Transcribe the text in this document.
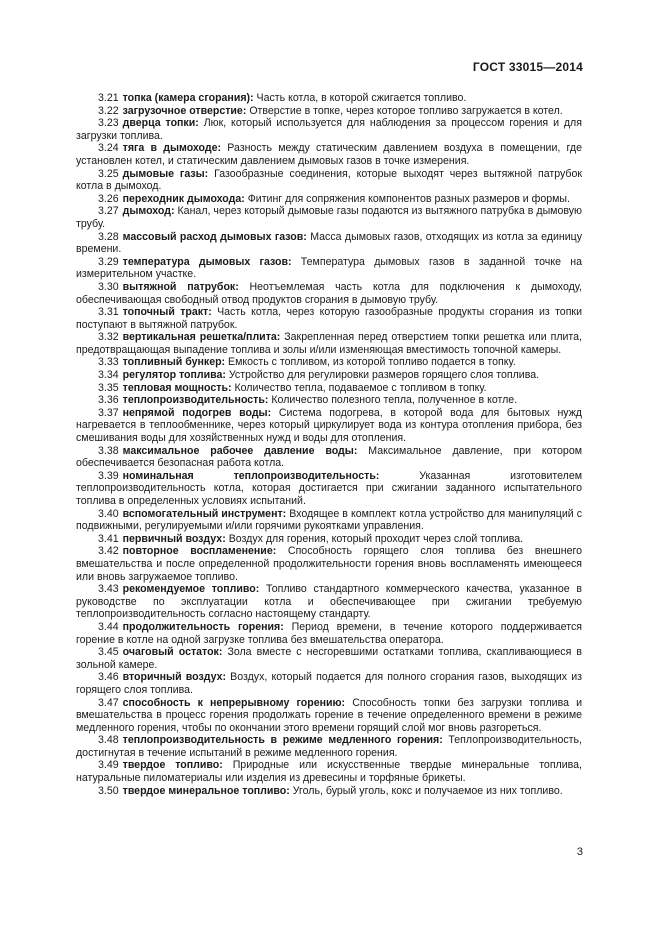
ГОСТ 33015—2014

3.21 топка (камера сгорания): Часть котла, в которой сжигается топливо.

3.22 загрузочное отверстие: Отверстие в топке, через которое топливо загружается в котел.

3.23 дверца топки: Люк, который используется для наблюдения за процессом горения и для загрузки топлива.

3.24 тяга в дымоходе: Разность между статическим давлением воздуха в помещении, где установлен котел, и статическим давлением дымовых газов в точке измерения.

3.25 дымовые газы: Газообразные соединения, которые выходят через вытяжной патрубок котла в дымоход.

3.26 переходник дымохода: Фитинг для сопряжения компонентов разных размеров и формы.

3.27 дымоход: Канал, через который дымовые газы подаются из вытяжного патрубка в дымовую трубу.

3.28 массовый расход дымовых газов: Масса дымовых газов, отходящих из котла за единицу времени.

3.29 температура дымовых газов: Температура дымовых газов в заданной точке на измерительном участке.

3.30 вытяжной патрубок: Неотъемлемая часть котла для подключения к дымоходу, обеспечивающая свободный отвод продуктов сгорания в дымовую трубу.

3.31 топочный тракт: Часть котла, через которую газообразные продукты сгорания из топки поступают в вытяжной патрубок.

3.32 вертикальная решетка/плита: Закрепленная перед отверстием топки решетка или плита, предотвращающая выпадение топлива и золы и/или изменяющая вместимость топочной камеры.

3.33 топливный бункер: Емкость с топливом, из которой топливо подается в топку.

3.34 регулятор топлива: Устройство для регулировки размеров горящего слоя топлива.

3.35 тепловая мощность: Количество тепла, подаваемое с топливом в топку.

3.36 теплопроизводительность: Количество полезного тепла, полученное в котле.

3.37 непрямой подогрев воды: Система подогрева, в которой вода для бытовых нужд нагревается в теплообменнике, через который циркулирует вода из контура отопления прибора, без смешивания воды для хозяйственных нужд и воды для отопления.

3.38 максимальное рабочее давление воды: Максимальное давление, при котором обеспечивается безопасная работа котла.

3.39 номинальная теплопроизводительность:	Указанная изготовителем теплопроизводительность котла, которая достигается при сжигании заданного испытательного топлива в определенных условиях испытаний.

3.40 вспомогательный инструмент: Входящее в комплект котла устройство для манипуляций с подвижными, регулируемыми и/или горячими рукоятками управления.

3.41 первичный воздух: Воздух для горения, который проходит через слой топлива.

3.42 повторное воспламенение: Способность горящего слоя топлива без внешнего вмешательства и после определенной продолжительности горения вновь воспламенять имеющееся или вновь загружаемое топливо.

3.43 рекомендуемое топливо: Топливо стандартного коммерческого качества, указанное в руководстве по эксплуатации котла и обеспечивающее при сжигании требуемую теплопроизводительность согласно настоящему стандарту.

3.44 продолжительность горения: Период времени, в течение которого поддерживается горение в котле на одной загрузке топлива без вмешательства оператора.

3.45 очаговый остаток: Зола вместе с несгоревшими остатками топлива, скапливающиеся в зольной камере.

3.46 вторичный воздух: Воздух, который подается для полного сгорания газов, выходящих из горящего слоя топлива.

3.47 способность к непрерывному горению: Способность топки без загрузки топлива и вмешательства в процесс горения продолжать горение в течение определенного времени в режиме медленного горения, чтобы по окончании этого времени горящий слой мог вновь разгореться.

3.48 теплопроизводительность в режиме медленного горения: Теплопроизводительность, достигнутая в течение испытаний в режиме медленного горения.

3.49 твердое топливо: Природные или искусственные твердые минеральные топлива, натуральные пиломатериалы или изделия из древесины и торфяные брикеты.

3.50 твердое минеральное топливо: Уголь, бурый уголь, кокс и получаемое из них топливо.

3
